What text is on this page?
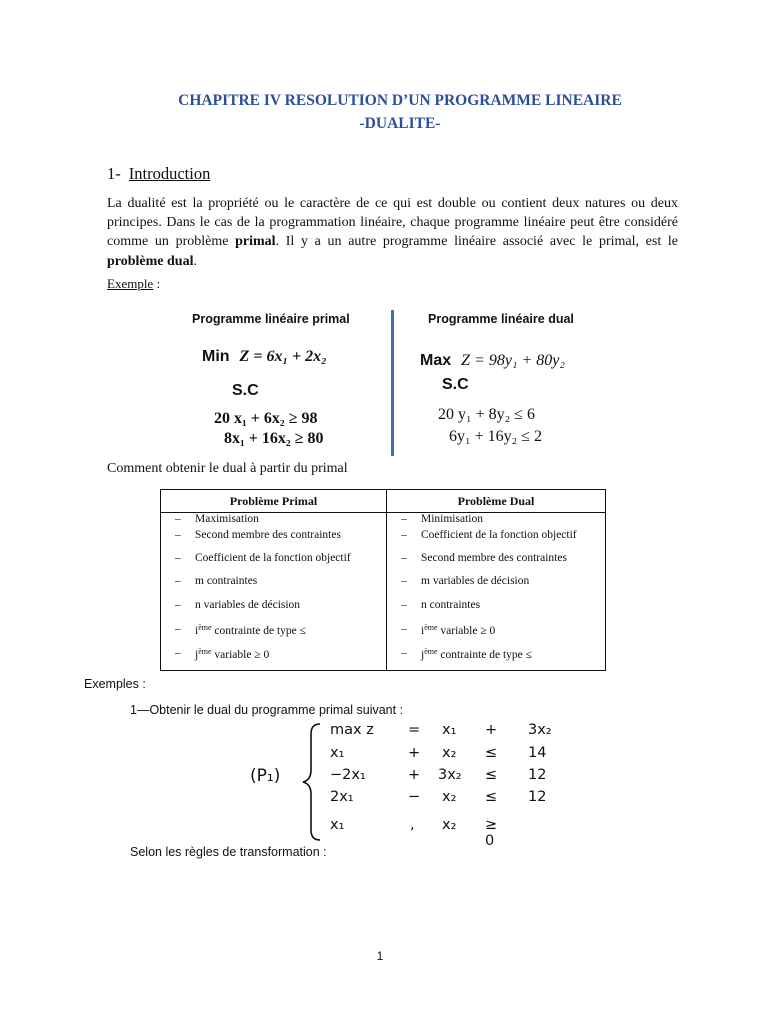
CHAPITRE IV RESOLUTION D’UN PROGRAMME LINEAIRE
-DUALITE-
1- Introduction
La dualité est la propriété ou le caractère de ce qui est double ou contient deux natures ou deux principes. Dans le cas de la programmation linéaire, chaque programme linéaire peut être considéré comme un problème primal. Il y a un autre programme linéaire associé avec le primal, est le problème dual.
Exemple :
Programme linéaire primal
Min Z = 6x₁ + 2x₂
S.C
20 x₁ + 6x₂ ≥ 98
8x₁ + 16x₂ ≥ 80
Programme linéaire dual
Max Z = 98y₁ + 80y₂
S.C
20 y₁ + 8y₂ ≤ 6
6y₁ + 16y₂ ≤ 2
Comment obtenir le dual à partir du primal
Problème Primal	Problème Dual

– Maximisation	– Minimisation

– Second membre des contraintes	– Coefficient de la fonction objectif

– Coefficient de la fonction objectif	– Second membre des contraintes

– m contraintes	– m variables de décision

– n variables de décision	– n contraintes

– $i^{ème}$ contrainte de type ≤	– $i^{ème}$ variable ≥ 0

– $j^{ème}$ variable ≥ 0	– $j^{ème}$ contrainte de type ≤
Exemples :
1—Obtenir le dual du programme primal suivant :
(P₁)
max z	= x₁ + 3x₂
x₁	+ x₂ ≤ 14
−2x₁	+ 3x₂ ≤ 12
2x₁	− x₂ ≤ 12
x₁	, x₂ ≥ 0
Selon les règles de transformation :
1
